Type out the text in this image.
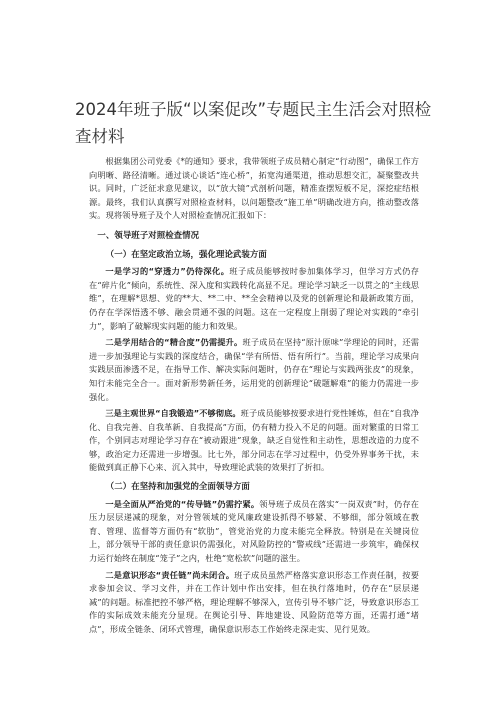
2024年班子版“以案促改”专题民主生活会对照检查材料

根据集团公司党委《*的通知》要求，我带领班子成员精心制定“行动图”，确保工作方向明晰、路径清晰。通过谈心谈话“连心桥”，拓宽沟通渠道，推动思想交汇，凝聚整改共识。同时，广泛征求意见建议，以“放大镜”式剖析问题，精准查摆短板不足，深挖症结根源。最终，我们认真撰写对照检查材料，以问题整改“施工单”明确改进方向，推动整改落实。现将领导班子及个人对照检查情况汇报如下：

一、领导班子对照检查情况
（一）在坚定政治立场，强化理论武装方面

一是学习的“穿透力”仍待深化。班子成员能够按时参加集体学习，但学习方式仍存在“碎片化”倾向，系统性、深入度和实践转化高显不足。理论学习缺乏一以贯之的“主线思维”，在理解*思想、党的**大、**二中、**全会精神以及党的创新理论和最新政策方面，仍存在学深悟透不够、融会贯通不强的问题。这在一定程度上削弱了理论对实践的“牵引力”，影响了破解现实问题的能力和效果。

二是学用结合的“精合度”仍需提升。班子成员在坚持“原汁原味”学理论的同时，还需进一步加强理论与实践的深度结合，确保“学有所悟、悟有所行”。当前，理论学习成果向实践层面渗透不足，在指导工作、解决实际问题时，仍存在“理论与实践两张皮”的现象，知行未能完全合一。面对新形势新任务，运用党的创新理论“破题解难”的能力仍需进一步强化。

三是主观世界“自我锻造”不够彻底。班子成员能够按要求进行党性锤炼，但在“自我净化、自我完善、自我革新、自我提高”方面，仍有精力投入不足的问题。面对繁重的日常工作，个别同志对理论学习存在“被动跟进”现象，缺乏自觉性和主动性，思想改造的力度不够，政治定力还需进一步增强。比七外，部分同志在学习过程中，仍受外界事务干扰，未能做到真正静下心来、沉入其中，导致理论武装的效果打了折扣。

（二）在坚持和加强党的全面领导方面

一是全面从严治党的“传导链”仍需拧紧。领导班子成员在落实“一岗双责”时，仍存在压力层层递减的现象，对分管领域的党风廉政建设抓得不够紧、不够细，部分领域在教育、管理、监督等方面仍有“软肋”，管党治党的力度未能完全释放。特别是在关键岗位上，部分领导干部的责任意识仍需强化，对风险防控的“警戒线”还需进一步筑牢，确保权力运行始终在制度“笼子”之内，杜绝“宽松软”问题的滋生。

二是意识形态“责任链”尚未闭合。班子成员虽然严格落实意识形态工作责任制，按要求参加会议、学习文件，并在工作计划中作出安排，但在执行落地时，仍存在“层层递减”的问题。标准把控不够严格，理论理解不够深入，宣传引导不够广泛，导致意识形态工作的实际成效未能充分显现。在舆论引导、阵地建设、风险防范等方面，还需打通“堵点”，形成全链条、闭环式管理，确保意识形态工作始终走深走实、见行见效。
